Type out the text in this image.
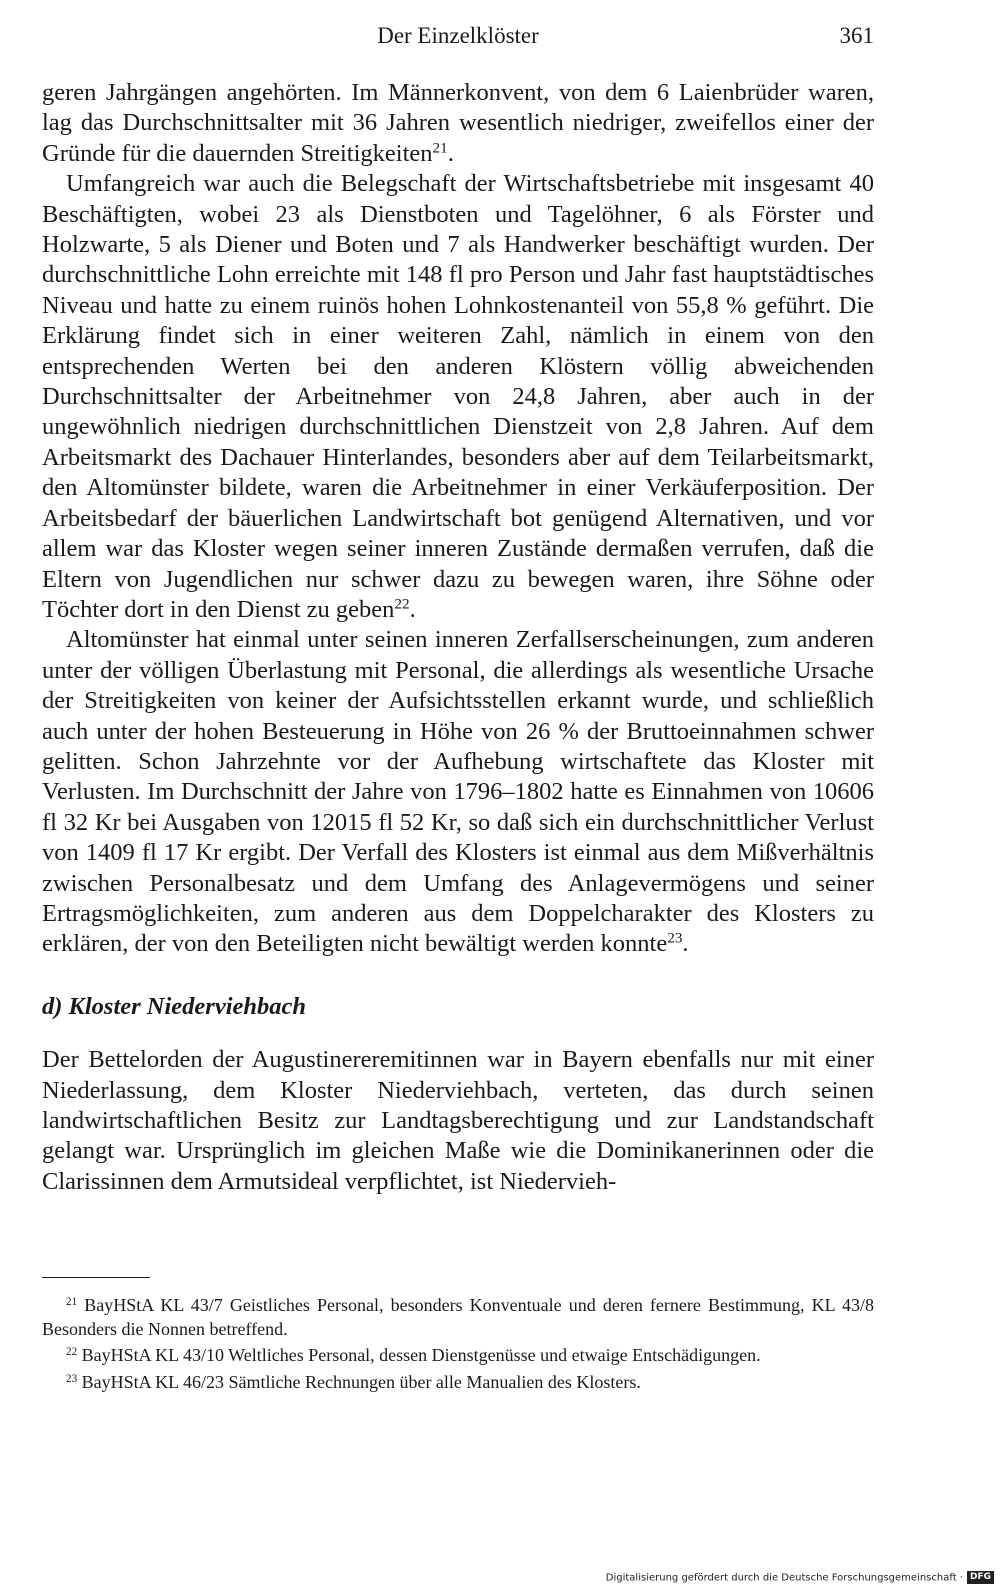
Der Einzelklöster	361

geren Jahrgängen angehörten. Im Männerkonvent, von dem 6 Laienbrüder waren, lag das Durchschnittsalter mit 36 Jahren wesentlich niedriger, zweifellos einer der Gründe für die dauernden Streitigkeiten$^{21}$.

Umfangreich war auch die Belegschaft der Wirtschaftsbetriebe mit insgesamt 40 Beschäftigten, wobei 23 als Dienstboten und Tagelöhner, 6 als Förster und Holzwarte, 5 als Diener und Boten und 7 als Handwerker beschäftigt wurden. Der durchschnittliche Lohn erreichte mit 148 fl pro Person und Jahr fast hauptstädtisches Niveau und hatte zu einem ruinös hohen Lohnkostenanteil von 55,8 % geführt. Die Erklärung findet sich in einer weiteren Zahl, nämlich in einem von den entsprechenden Werten bei den anderen Klöstern völlig abweichenden Durchschnittsalter der Arbeitnehmer von 24,8 Jahren, aber auch in der ungewöhnlich niedrigen durchschnittlichen Dienstzeit von 2,8 Jahren. Auf dem Arbeitsmarkt des Dachauer Hinterlandes, besonders aber auf dem Teilarbeitsmarkt, den Altomünster bildete, waren die Arbeitnehmer in einer Verkäuferposition. Der Arbeitsbedarf der bäuerlichen Landwirtschaft bot genügend Alternativen, und vor allem war das Kloster wegen seiner inneren Zustände dermaßen verrufen, daß die Eltern von Jugendlichen nur schwer dazu zu bewegen waren, ihre Söhne oder Töchter dort in den Dienst zu geben$^{22}$.

Altomünster hat einmal unter seinen inneren Zerfallserscheinungen, zum anderen unter der völligen Überlastung mit Personal, die allerdings als wesentliche Ursache der Streitigkeiten von keiner der Aufsichtsstellen erkannt wurde, und schließlich auch unter der hohen Besteuerung in Höhe von 26 % der Bruttoeinnahmen schwer gelitten. Schon Jahrzehnte vor der Aufhebung wirtschaftete das Kloster mit Verlusten. Im Durchschnitt der Jahre von 1796–1802 hatte es Einnahmen von 10606 fl 32 Kr bei Ausgaben von 12015 fl 52 Kr, so daß sich ein durchschnittlicher Verlust von 1409 fl 17 Kr ergibt. Der Verfall des Klosters ist einmal aus dem Mißverhältnis zwischen Personalbesatz und dem Umfang des Anlagevermögens und seiner Ertragsmöglichkeiten, zum anderen aus dem Doppelcharakter des Klosters zu erklären, der von den Beteiligten nicht bewältigt werden konnte$^{23}$.

d) Kloster Niederviehbach

Der Bettelorden der Augustinereremitinnen war in Bayern ebenfalls nur mit einer Niederlassung, dem Kloster Niederviehbach, verteten, das durch seinen landwirtschaftlichen Besitz zur Landtagsberechtigung und zur Landstandschaft gelangt war. Ursprünglich im gleichen Maße wie die Dominikanerinnen oder die Clarissinnen dem Armutsideal verpflichtet, ist Niedervieh-

$^{21}$ BayHStA KL 43/7 Geistliches Personal, besonders Konventuale und deren fernere Bestimmung, KL 43/8 Besonders die Nonnen betreffend.

$^{22}$ BayHStA KL 43/10 Weltliches Personal, dessen Dienstgenüsse und etwaige Entschädigungen.

$^{23}$ BayHStA KL 46/23 Sämtliche Rechnungen über alle Manualien des Klosters.

Digitalisierung gefördert durch die Deutsche Forschungsgemeinschaft · DFG
